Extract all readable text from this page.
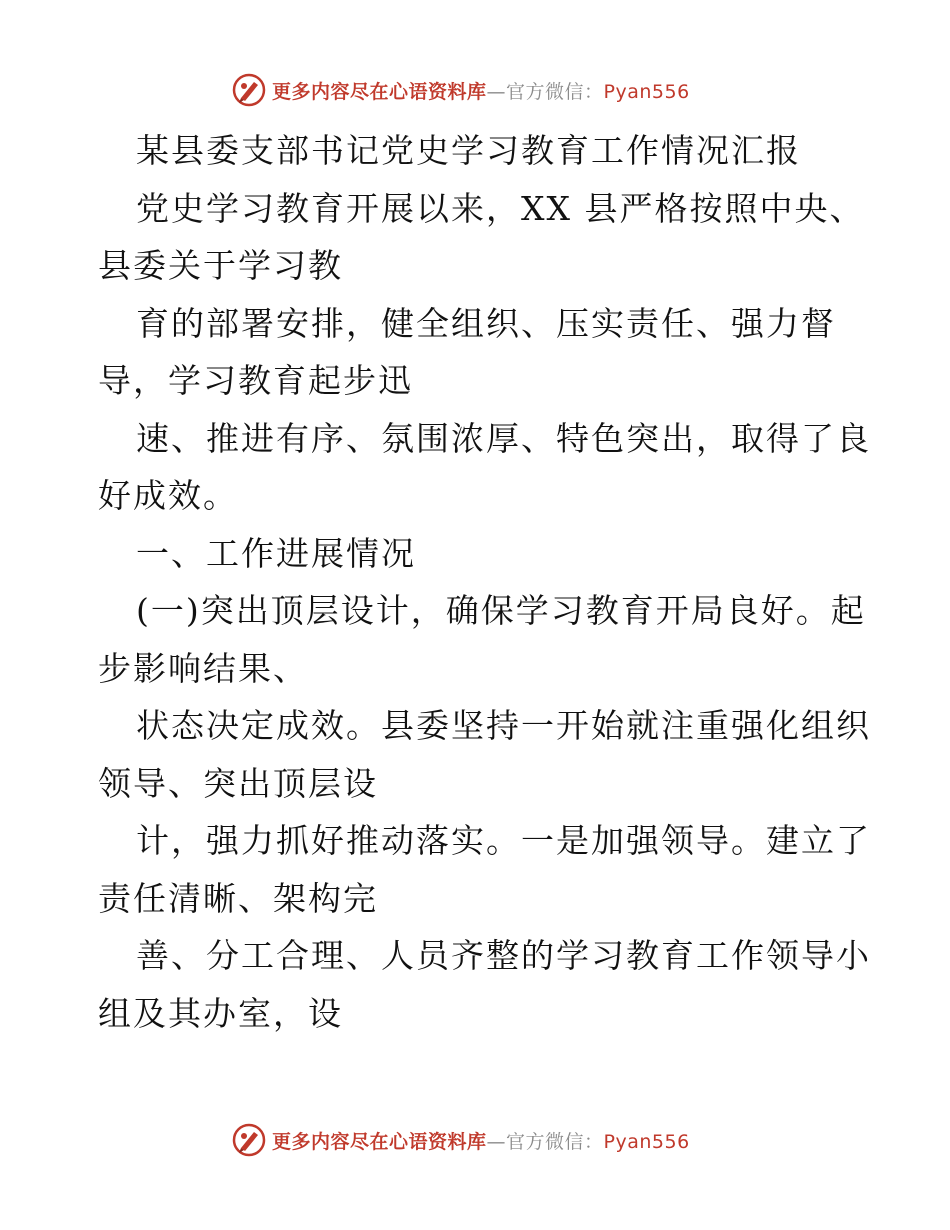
更多内容尽在心语资料库—官方微信：Pyan556
某县委支部书记党史学习教育工作情况汇报
党史学习教育开展以来，XX 县严格按照中央、
县委关于学习教
育的部署安排，健全组织、压实责任、强力督
导，学习教育起步迅
速、推进有序、氛围浓厚、特色突出，取得了良
好成效。
一、工作进展情况
(一)突出顶层设计，确保学习教育开局良好。起
步影响结果、
状态决定成效。县委坚持一开始就注重强化组织
领导、突出顶层设
计，强力抓好推动落实。一是加强领导。建立了
责任清晰、架构完
善、分工合理、人员齐整的学习教育工作领导小
组及其办室，设
更多内容尽在心语资料库—官方微信：Pyan556
